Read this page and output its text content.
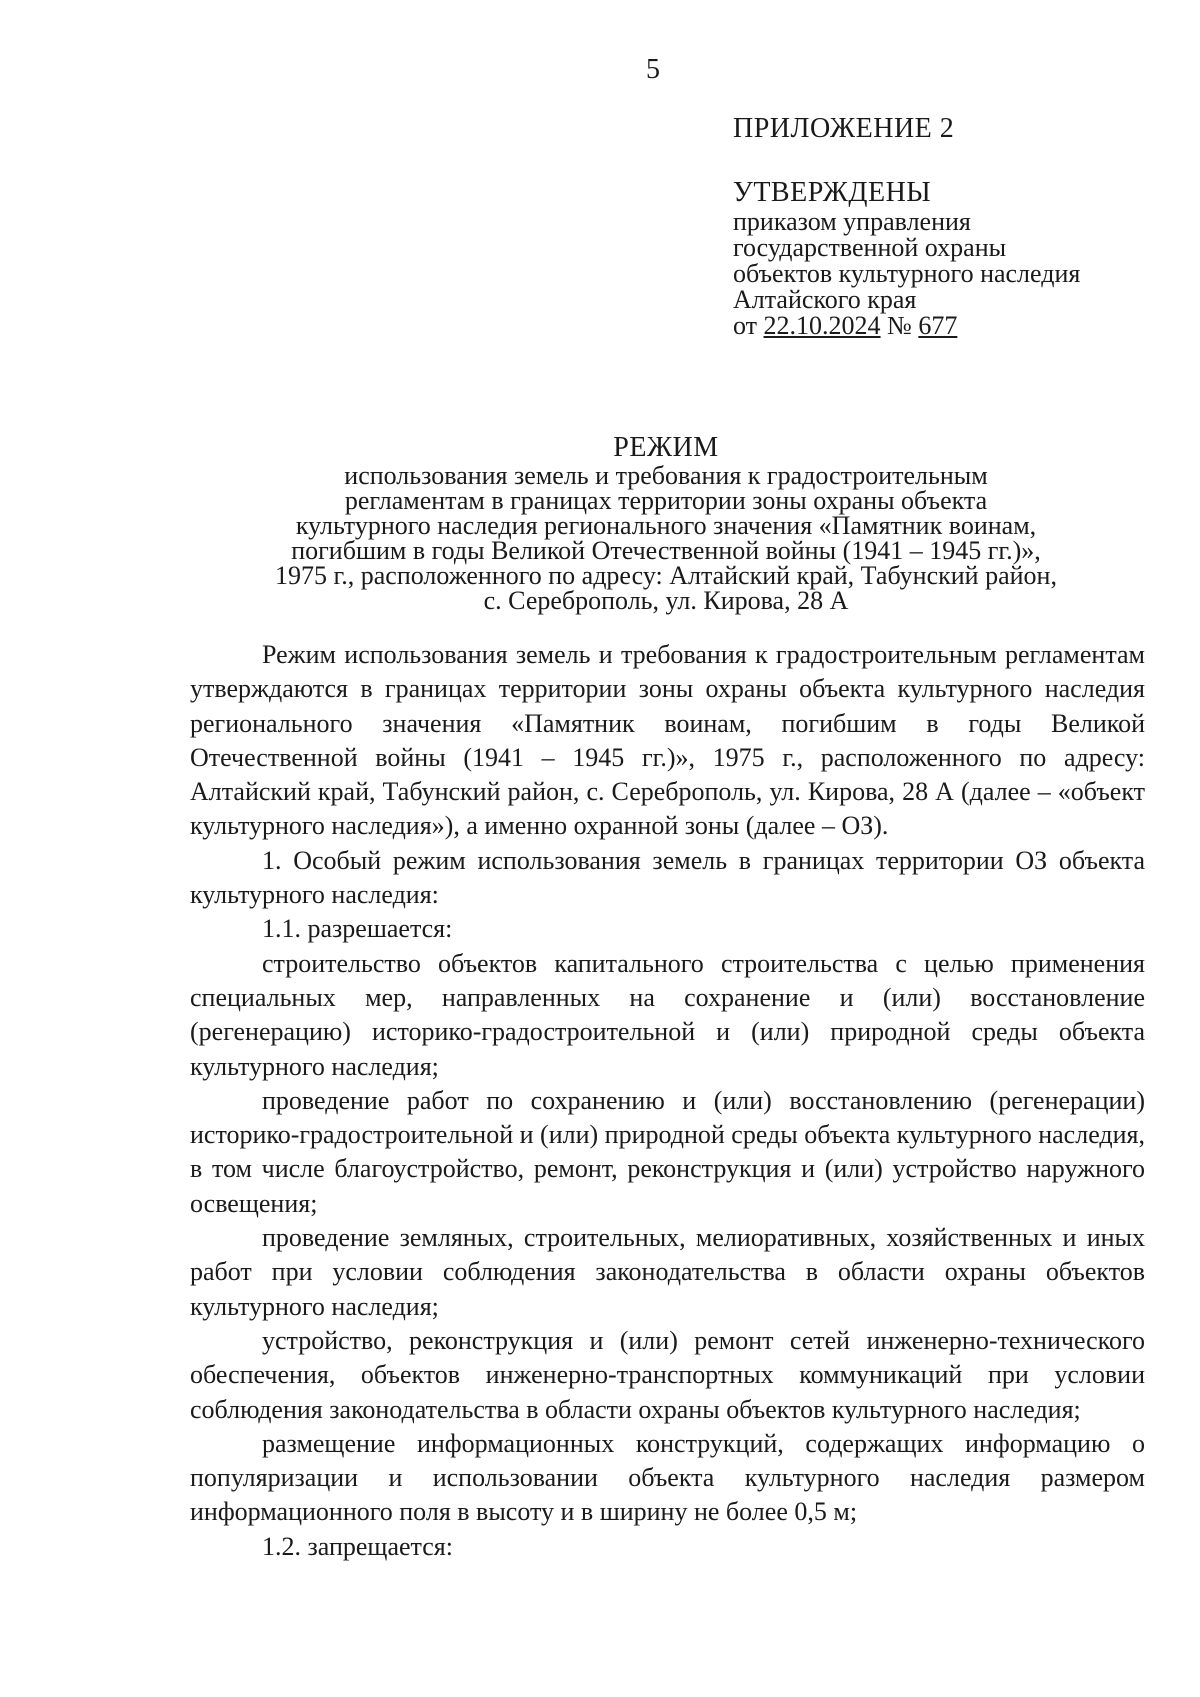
5
ПРИЛОЖЕНИЕ 2
УТВЕРЖДЕНЫ
приказом управления
государственной охраны
объектов культурного наследия
Алтайского края
от 22.10.2024 № 677
РЕЖИМ
использования земель и требования к градостроительным
регламентам в границах территории зоны охраны объекта
культурного наследия регионального значения «Памятник воинам,
погибшим в годы Великой Отечественной войны (1941 – 1945 гг.)»,
1975 г., расположенного по адресу: Алтайский край, Табунский район,
с. Сереброполь, ул. Кирова, 28 А

Режим использования земель и требования к градостроительным регламентам утверждаются в границах территории зоны охраны объекта культурного наследия регионального значения «Памятник воинам, погибшим в годы Великой Отечественной войны (1941 – 1945 гг.)», 1975 г., расположенного по адресу: Алтайский край, Табунский район, с. Сереброполь, ул. Кирова, 28 А (далее – «объект культурного наследия»), а именно охранной зоны (далее – ОЗ).

1. Особый режим использования земель в границах территории ОЗ объекта культурного наследия:

1.1. разрешается:

строительство объектов капитального строительства с целью применения специальных мер, направленных на сохранение и (или) восстановление (регенерацию) историко-градостроительной и (или) природной среды объекта культурного наследия;

проведение работ по сохранению и (или) восстановлению (регенерации) историко-градостроительной и (или) природной среды объекта культурного наследия, в том числе благоустройство, ремонт, реконструкция и (или) устройство наружного освещения;

проведение земляных, строительных, мелиоративных, хозяйственных и иных работ при условии соблюдения законодательства в области охраны объектов культурного наследия;

устройство, реконструкция и (или) ремонт сетей инженерно-технического обеспечения, объектов инженерно-транспортных коммуникаций при условии соблюдения законодательства в области охраны объектов культурного наследия;

размещение информационных конструкций, содержащих информацию о популяризации и использовании объекта культурного наследия размером информационного поля в высоту и в ширину не более 0,5 м;

1.2. запрещается:
